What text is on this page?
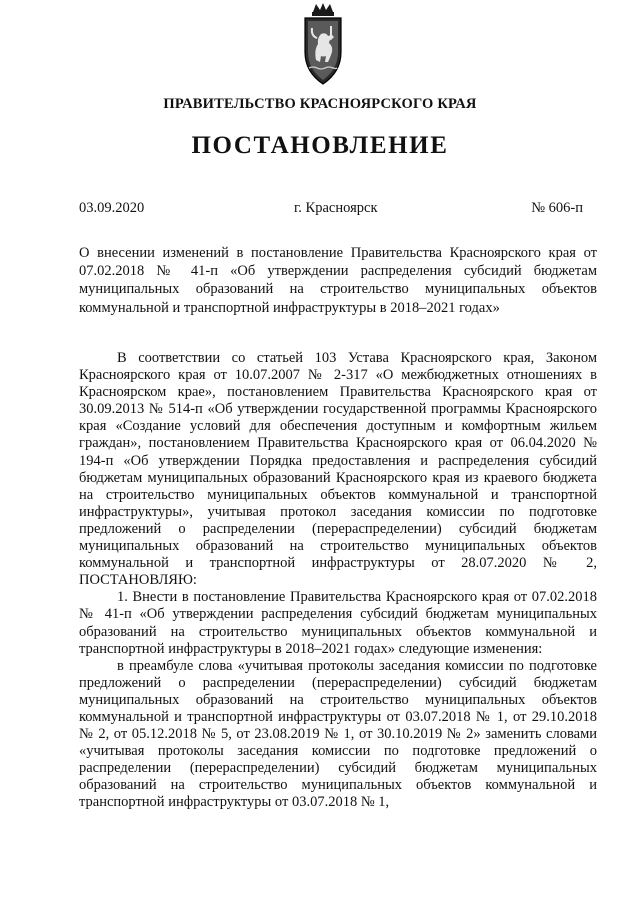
ПРАВИТЕЛЬСТВО КРАСНОЯРСКОГО КРАЯ
ПОСТАНОВЛЕНИЕ
03.09.2020	г. Красноярск	№ 606-п
О внесении изменений в постановление Правительства Красноярского края от 07.02.2018 № 41-п «Об утверждении распределения субсидий бюджетам муниципальных образований на строительство муниципальных объектов коммунальной и транспортной инфраструктуры в 2018–2021 годах»

В соответствии со статьей 103 Устава Красноярского края, Законом Красноярского края от 10.07.2007 № 2-317 «О межбюджетных отношениях в Красноярском крае», постановлением Правительства Красноярского края от 30.09.2013 № 514-п «Об утверждении государственной программы Красноярского края «Создание условий для обеспечения доступным и комфортным жильем граждан», постановлением Правительства Красноярского края от 06.04.2020 № 194-п «Об утверждении Порядка предоставления и распределения субсидий бюджетам муниципальных образований Красноярского края из краевого бюджета на строительство муниципальных объектов коммунальной и транспортной инфраструктуры», учитывая протокол заседания комиссии по подготовке предложений о распределении (перераспределении) субсидий бюджетам муниципальных образований на строительство муниципальных объектов коммунальной и транспортной инфраструктуры от 28.07.2020 № 2, ПОСТАНОВЛЯЮ:

1. Внести в постановление Правительства Красноярского края от 07.02.2018 № 41-п «Об утверждении распределения субсидий бюджетам муниципальных образований на строительство муниципальных объектов коммунальной и транспортной инфраструктуры в 2018–2021 годах» следующие изменения:

в преамбуле слова «учитывая протоколы заседания комиссии по подготовке предложений о распределении (перераспределении) субсидий бюджетам муниципальных образований на строительство муниципальных объектов коммунальной и транспортной инфраструктуры от 03.07.2018 № 1, от 29.10.2018 № 2, от 05.12.2018 № 5, от 23.08.2019 № 1, от 30.10.2019 № 2» заменить словами «учитывая протоколы заседания комиссии по подготовке предложений о распределении (перераспределении) субсидий бюджетам муниципальных образований на строительство муниципальных объектов коммунальной и транспортной инфраструктуры от 03.07.2018 № 1,
